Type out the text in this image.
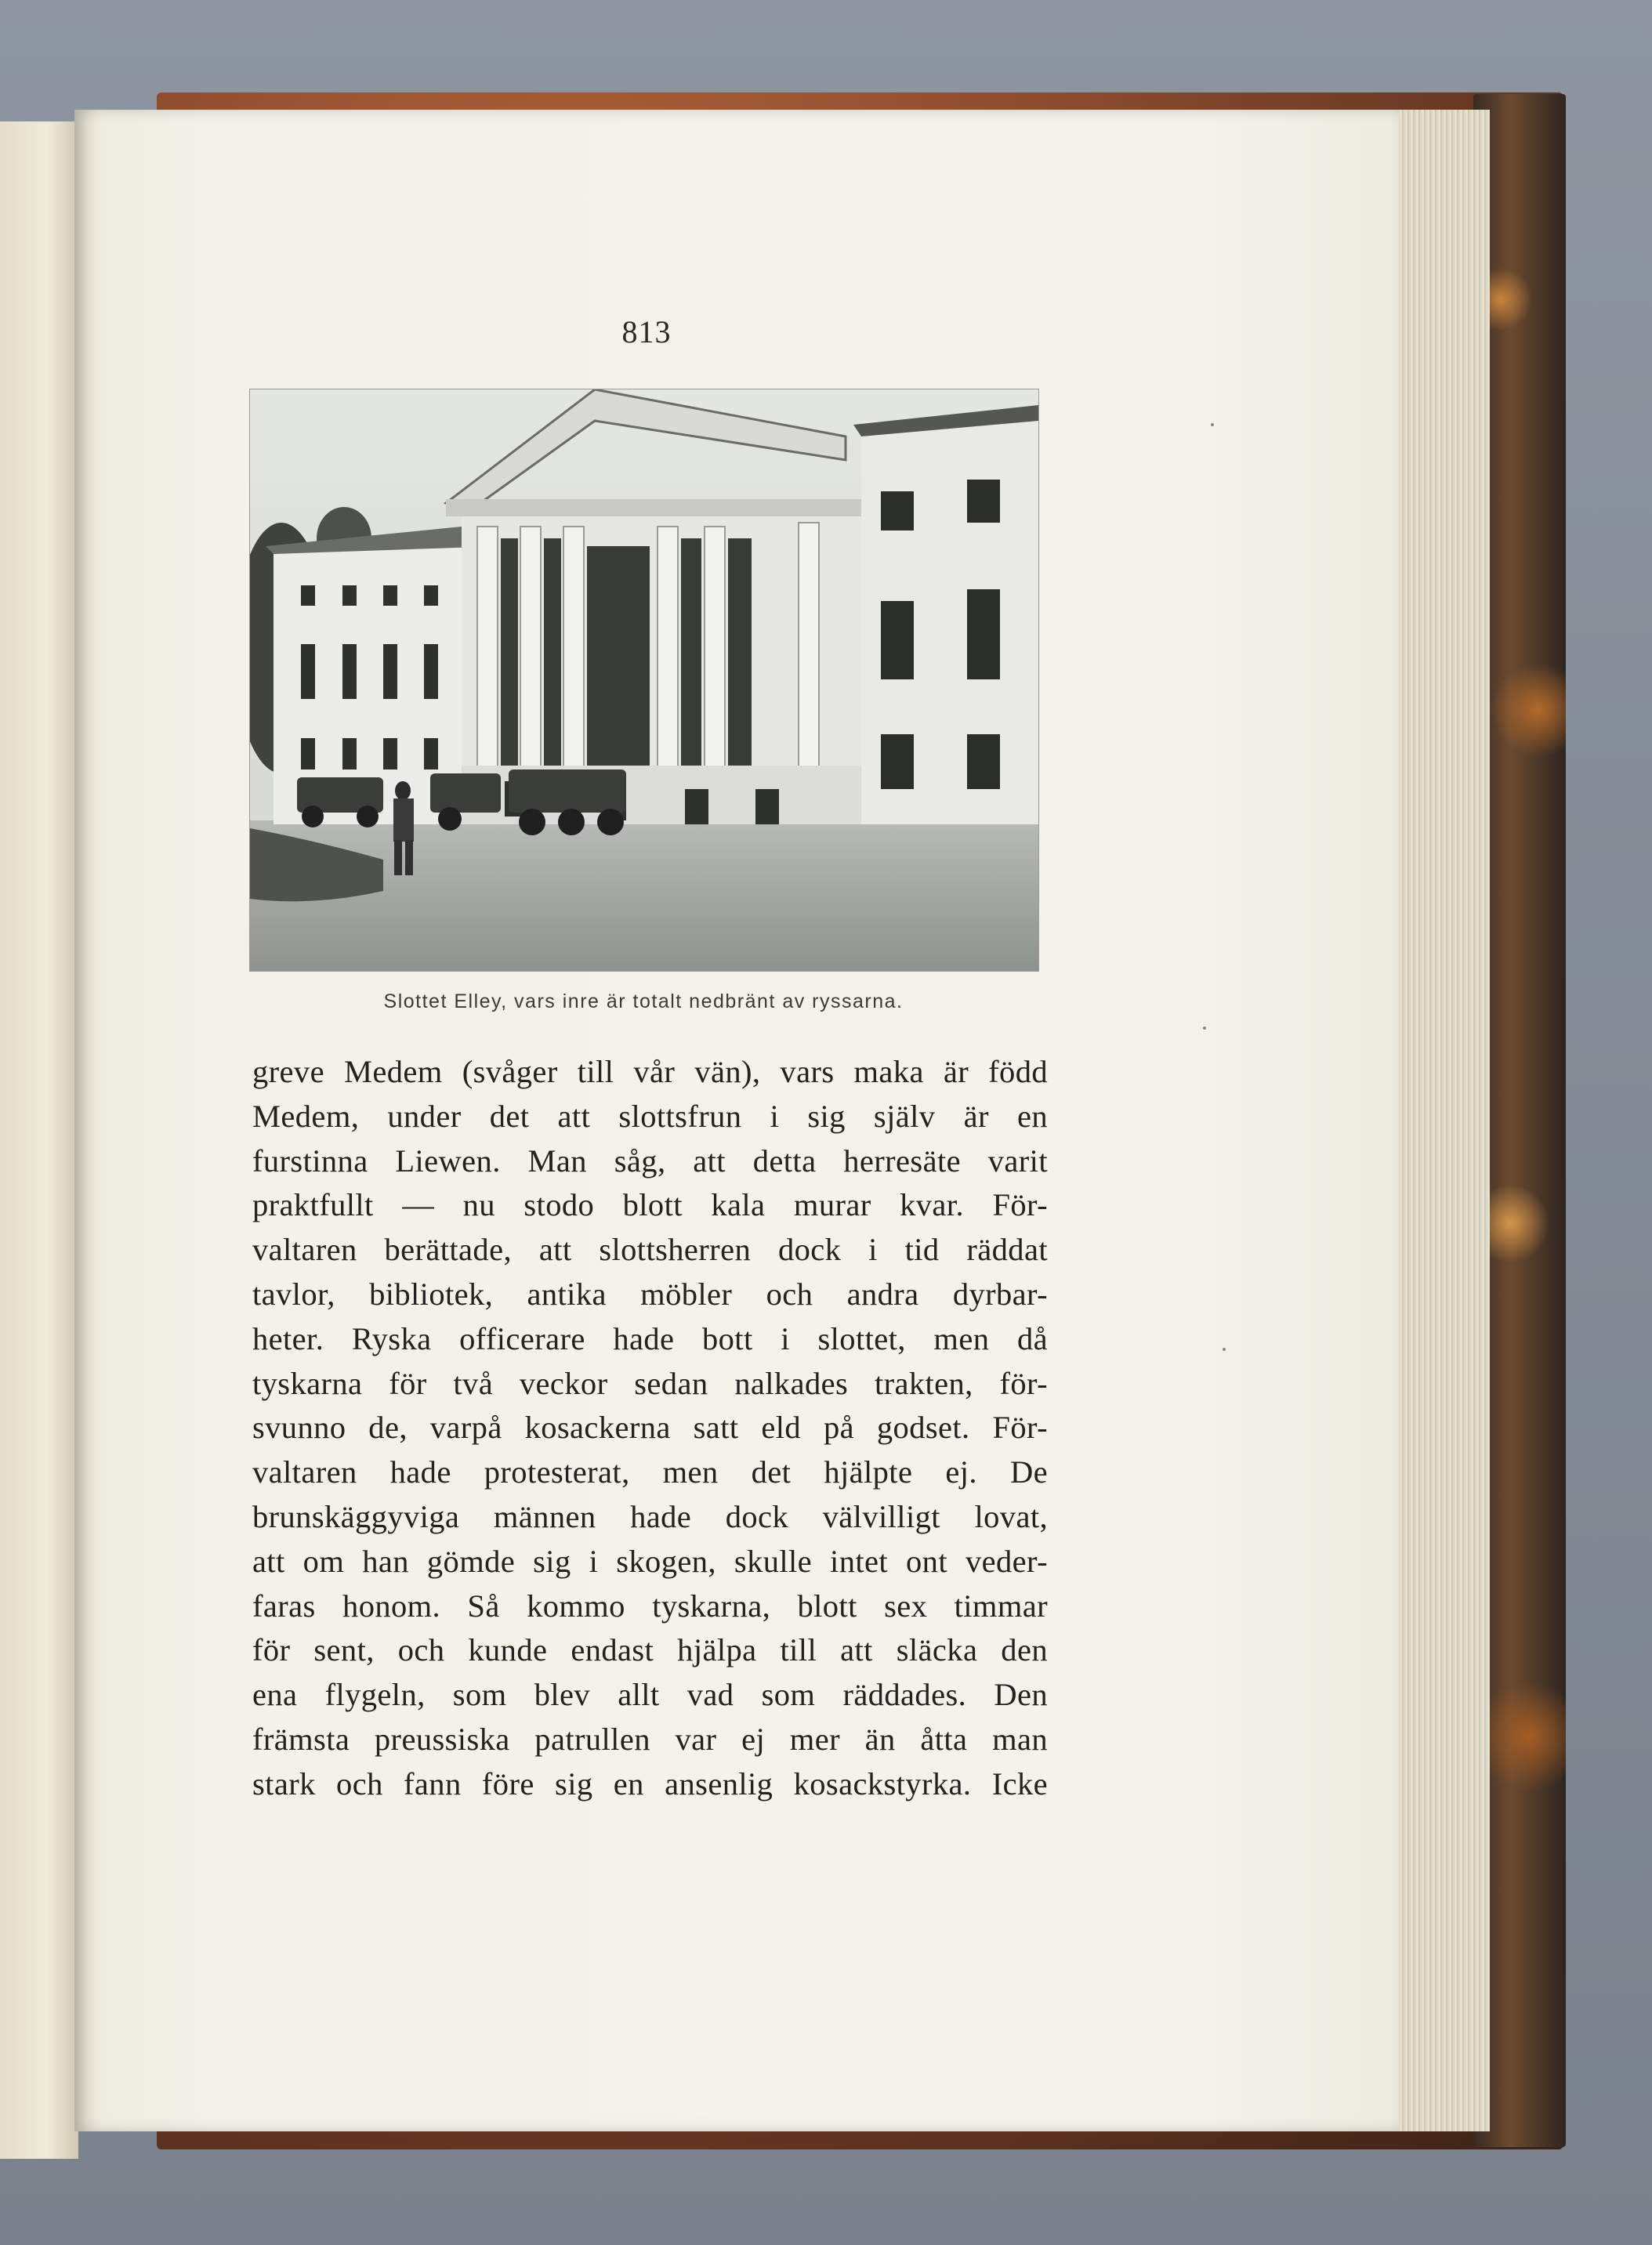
813
Slottet Elley, vars inre är totalt nedbränt av ryssarna.
greve Medem (svåger till vår vän), vars maka är född
Medem, under det att slottsfrun i sig själv är en
furstinna Liewen. Man såg, att detta herresäte varit
praktfullt — nu stodo blott kala murar kvar. För-
valtaren berättade, att slottsherren dock i tid räddat
tavlor, bibliotek, antika möbler och andra dyrbar-
heter. Ryska officerare hade bott i slottet, men då
tyskarna för två veckor sedan nalkades trakten, för-
svunno de, varpå kosackerna satt eld på godset. För-
valtaren hade protesterat, men det hjälpte ej. De
brunskäggyviga männen hade dock välvilligt lovat,
att om han gömde sig i skogen, skulle intet ont veder-
faras honom. Så kommo tyskarna, blott sex timmar
för sent, och kunde endast hjälpa till att släcka den
ena flygeln, som blev allt vad som räddades. Den
främsta preussiska patrullen var ej mer än åtta man
stark och fann före sig en ansenlig kosackstyrka. Icke
